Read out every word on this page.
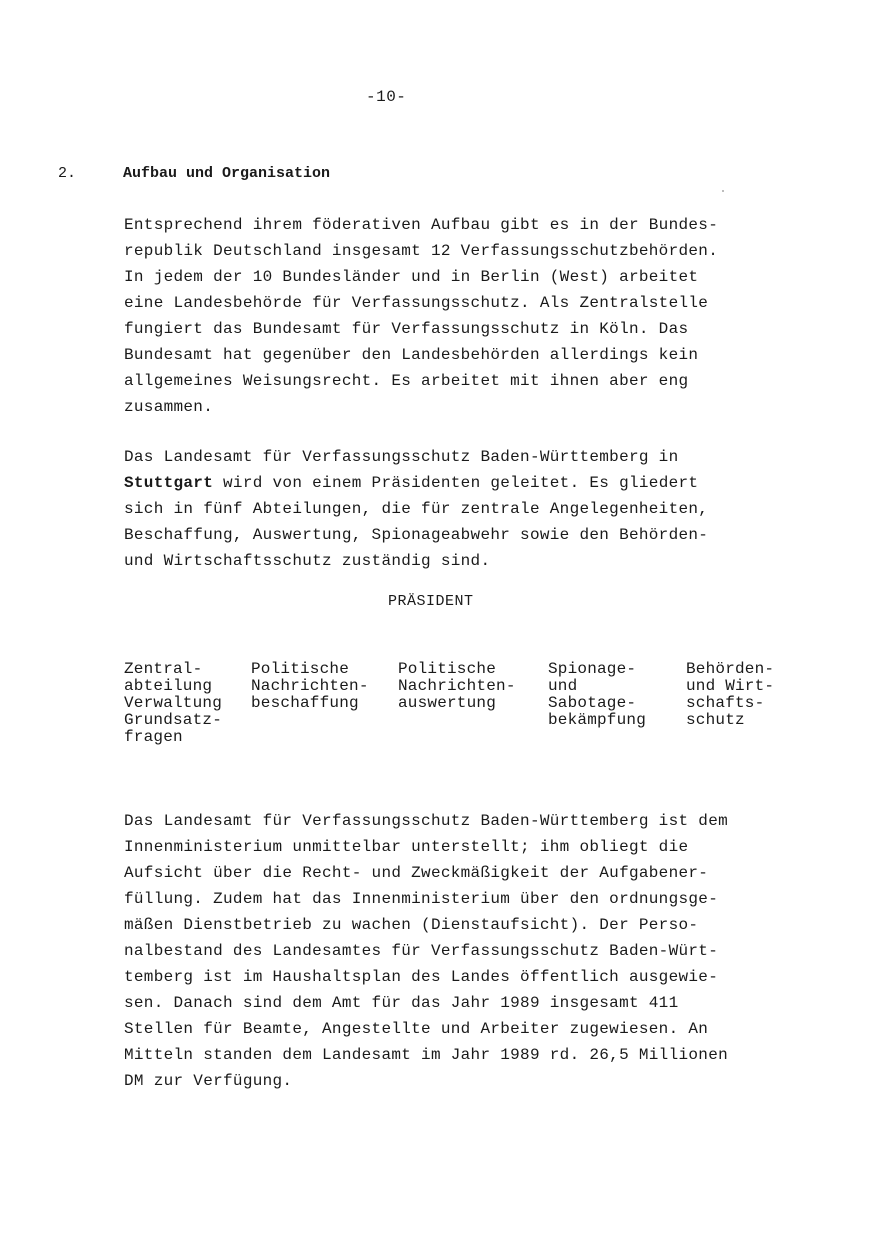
-10-
2.	Aufbau und Organisation

Entsprechend ihrem föderativen Aufbau gibt es in der Bundes-
republik Deutschland insgesamt 12 Verfassungsschutzbehörden.
In jedem der 10 Bundesländer und in Berlin (West) arbeitet
eine Landesbehörde für Verfassungsschutz. Als Zentralstelle
fungiert das Bundesamt für Verfassungsschutz in Köln. Das
Bundesamt hat gegenüber den Landesbehörden allerdings kein
allgemeines Weisungsrecht. Es arbeitet mit ihnen aber eng
zusammen.

Das Landesamt für Verfassungsschutz Baden-Württemberg in
Stuttgart wird von einem Präsidenten geleitet. Es gliedert
sich in fünf Abteilungen, die für zentrale Angelegenheiten,
Beschaffung, Auswertung, Spionageabwehr sowie den Behörden-
und Wirtschaftsschutz zuständig sind.

PRÄSIDENT
Zentral-
abteilung
Verwaltung
Grundsatz-
fragen
Politische
Nachrichten-
beschaffung
Politische
Nachrichten-
auswertung
Spionage-
und
Sabotage-
bekämpfung
Behörden-
und Wirt-
schafts-
schutz

Das Landesamt für Verfassungsschutz Baden-Württemberg ist dem
Innenministerium unmittelbar unterstellt; ihm obliegt die
Aufsicht über die Recht- und Zweckmäßigkeit der Aufgabener-
füllung. Zudem hat das Innenministerium über den ordnungsge-
mäßen Dienstbetrieb zu wachen (Dienstaufsicht). Der Perso-
nalbestand des Landesamtes für Verfassungsschutz Baden-Würt-
temberg ist im Haushaltsplan des Landes öffentlich ausgewie-
sen. Danach sind dem Amt für das Jahr 1989 insgesamt 411
Stellen für Beamte, Angestellte und Arbeiter zugewiesen. An
Mitteln standen dem Landesamt im Jahr 1989 rd. 26,5 Millionen
DM zur Verfügung.
